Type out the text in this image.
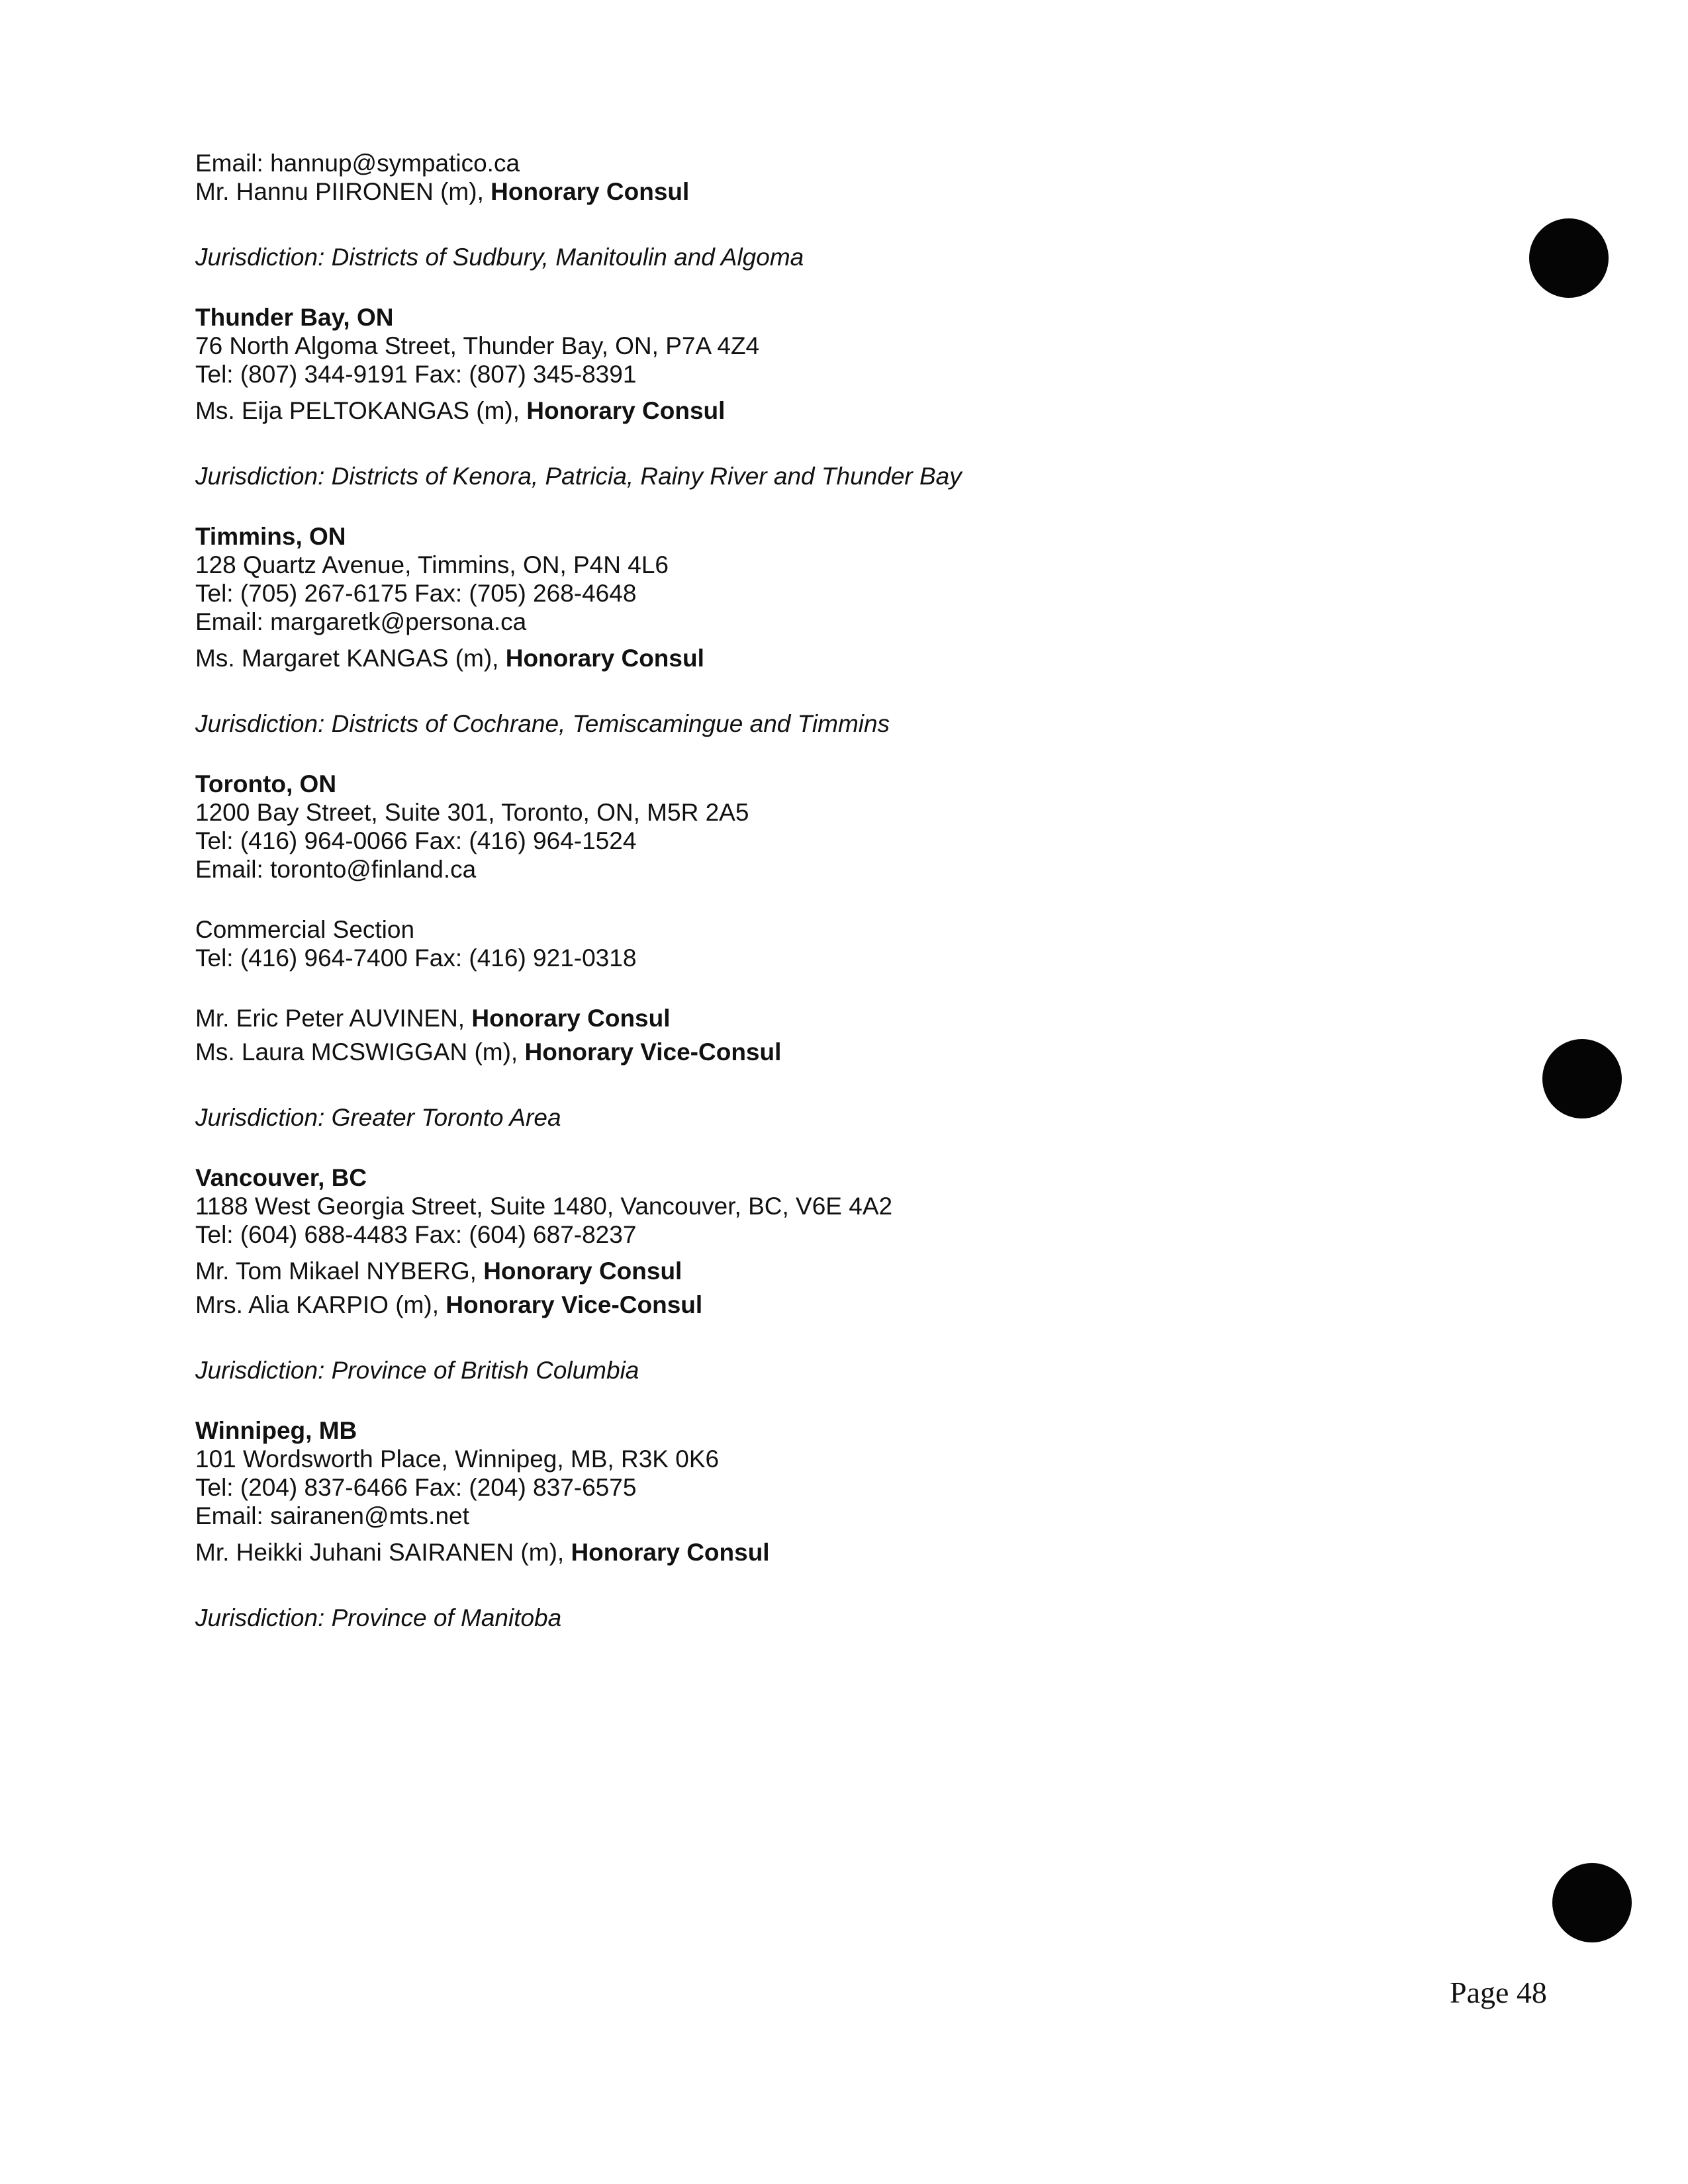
Email: hannup@sympatico.ca
Mr. Hannu PIIRONEN (m), Honorary Consul
Jurisdiction: Districts of Sudbury, Manitoulin and Algoma
Thunder Bay, ON
76 North Algoma Street, Thunder Bay, ON, P7A 4Z4
Tel: (807) 344-9191 Fax: (807) 345-8391
Ms. Eija PELTOKANGAS (m), Honorary Consul
Jurisdiction: Districts of Kenora, Patricia, Rainy River and Thunder Bay
Timmins, ON
128 Quartz Avenue, Timmins, ON, P4N 4L6
Tel: (705) 267-6175 Fax: (705) 268-4648
Email: margaretk@persona.ca
Ms. Margaret KANGAS (m), Honorary Consul
Jurisdiction: Districts of Cochrane, Temiscamingue and Timmins
Toronto, ON
1200 Bay Street, Suite 301, Toronto, ON, M5R 2A5
Tel: (416) 964-0066 Fax: (416) 964-1524
Email: toronto@finland.ca
Commercial Section
Tel: (416) 964-7400 Fax: (416) 921-0318
Mr. Eric Peter AUVINEN, Honorary Consul
Ms. Laura MCSWIGGAN (m), Honorary Vice-Consul
Jurisdiction: Greater Toronto Area
Vancouver, BC
1188 West Georgia Street, Suite 1480, Vancouver, BC, V6E 4A2
Tel: (604) 688-4483 Fax: (604) 687-8237
Mr. Tom Mikael NYBERG, Honorary Consul
Mrs. Alia KARPIO (m), Honorary Vice-Consul
Jurisdiction: Province of British Columbia
Winnipeg, MB
101 Wordsworth Place, Winnipeg, MB, R3K 0K6
Tel: (204) 837-6466 Fax: (204) 837-6575
Email: sairanen@mts.net
Mr. Heikki Juhani SAIRANEN (m), Honorary Consul
Jurisdiction: Province of Manitoba
Page 48
